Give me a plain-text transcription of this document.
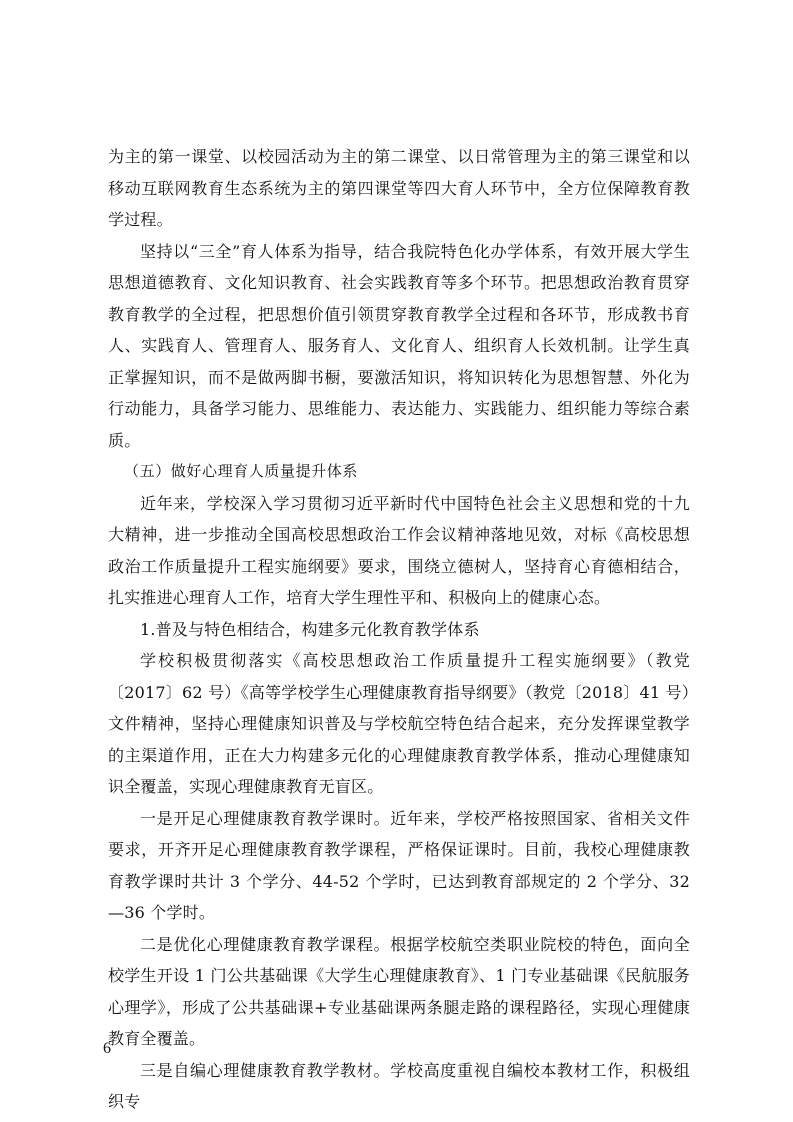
为主的第一课堂、以校园活动为主的第二课堂、以日常管理为主的第三课堂和以移动互联网教育生态系统为主的第四课堂等四大育人环节中，全方位保障教育教学过程。

坚持以“三全”育人体系为指导，结合我院特色化办学体系，有效开展大学生思想道德教育、文化知识教育、社会实践教育等多个环节。把思想政治教育贯穿教育教学的全过程，把思想价值引领贯穿教育教学全过程和各环节，形成教书育人、实践育人、管理育人、服务育人、文化育人、组织育人长效机制。让学生真正掌握知识，而不是做两脚书橱，要激活知识，将知识转化为思想智慧、外化为行动能力，具备学习能力、思维能力、表达能力、实践能力、组织能力等综合素质。

（五）做好心理育人质量提升体系

近年来，学校深入学习贯彻习近平新时代中国特色社会主义思想和党的十九大精神，进一步推动全国高校思想政治工作会议精神落地见效，对标《高校思想政治工作质量提升工程实施纲要》要求，围绕立德树人，坚持育心育德相结合，扎实推进心理育人工作，培育大学生理性平和、积极向上的健康心态。

1.普及与特色相结合，构建多元化教育教学体系

学校积极贯彻落实《高校思想政治工作质量提升工程实施纲要》（教党〔2017〕62 号）《高等学校学生心理健康教育指导纲要》（教党〔2018〕41 号）文件精神，坚持心理健康知识普及与学校航空特色结合起来，充分发挥课堂教学的主渠道作用，正在大力构建多元化的心理健康教育教学体系，推动心理健康知识全覆盖，实现心理健康教育无盲区。

一是开足心理健康教育教学课时。近年来，学校严格按照国家、省相关文件要求，开齐开足心理健康教育教学课程，严格保证课时。目前，我校心理健康教育教学课时共计 3 个学分、44-52 个学时，已达到教育部规定的 2 个学分、32—36 个学时。

二是优化心理健康教育教学课程。根据学校航空类职业院校的特色，面向全校学生开设 1 门公共基础课《大学生心理健康教育》、1 门专业基础课《民航服务心理学》，形成了公共基础课+专业基础课两条腿走路的课程路径，实现心理健康教育全覆盖。

三是自编心理健康教育教学教材。学校高度重视自编校本教材工作，积极组织专

6
